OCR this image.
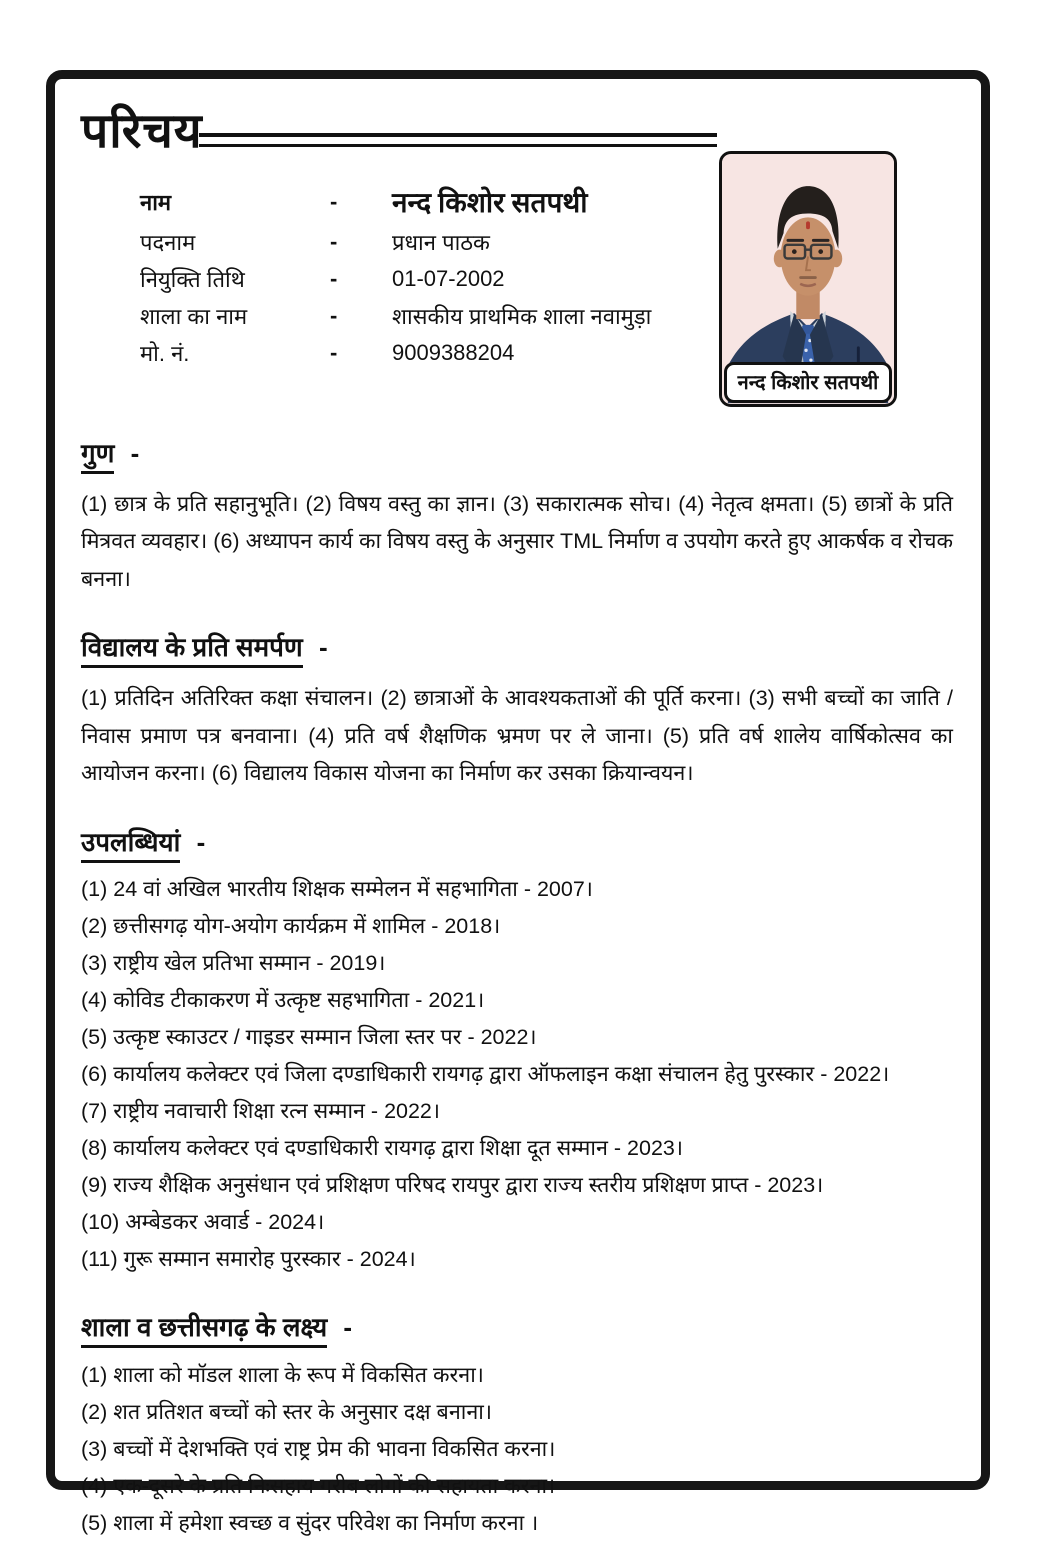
परिचय
नाम	-	नन्द किशोर सतपथी
पदनाम	-	प्रधान पाठक
नियुक्ति तिथि	-	01-07-2002
शाला का नाम	-	शासकीय प्राथमिक शाला नवामुड़ा
मो. नं.	-	9009388204
नन्द किशोर सतपथी
गुण -

(1) छात्र के प्रति सहानुभूति। (2) विषय वस्तु का ज्ञान। (3) सकारात्मक सोच। (4) नेतृत्व क्षमता। (5) छात्रों के प्रति मित्रवत व्यवहार। (6) अध्यापन कार्य का विषय वस्तु के अनुसार TML निर्माण व उपयोग करते हुए आकर्षक व रोचक बनना।

विद्यालय के प्रति समर्पण -

(1) प्रतिदिन अतिरिक्त कक्षा संचालन। (2) छात्राओं के आवश्यकताओं की पूर्ति करना। (3) सभी बच्चों का जाति / निवास प्रमाण पत्र बनवाना। (4) प्रति वर्ष शैक्षणिक भ्रमण पर ले जाना। (5) प्रति वर्ष शालेय वार्षिकोत्सव का आयोजन करना। (6) विद्यालय विकास योजना का निर्माण कर उसका क्रियान्वयन।

उपलब्धियां -
(1) 24 वां अखिल भारतीय शिक्षक सम्मेलन में सहभागिता - 2007।
(2) छत्तीसगढ़ योग-अयोग कार्यक्रम में शामिल - 2018।
(3) राष्ट्रीय खेल प्रतिभा सम्मान - 2019।
(4) कोविड टीकाकरण में उत्कृष्ट सहभागिता - 2021।
(5) उत्कृष्ट स्काउटर / गाइडर सम्मान जिला स्तर पर - 2022।
(6) कार्यालय कलेक्टर एवं जिला दण्डाधिकारी रायगढ़ द्वारा ऑफलाइन कक्षा संचालन हेतु पुरस्कार - 2022।
(7) राष्ट्रीय नवाचारी शिक्षा रत्न सम्मान - 2022।
(8) कार्यालय कलेक्टर एवं दण्डाधिकारी रायगढ़ द्वारा शिक्षा दूत सम्मान - 2023।
(9) राज्य शैक्षिक अनुसंधान एवं प्रशिक्षण परिषद रायपुर द्वारा राज्य स्तरीय प्रशिक्षण प्राप्त - 2023।
(10) अम्बेडकर अवार्ड - 2024।
(11) गुरू सम्मान समारोह पुरस्कार - 2024।
शाला व छत्तीसगढ़ के लक्ष्य -
(1) शाला को मॉडल शाला के रूप में विकसित करना।
(2) शत प्रतिशत बच्चों को स्तर के अनुसार दक्ष बनाना।
(3) बच्चों में देशभक्ति एवं राष्ट्र प्रेम की भावना विकसित करना।
(4) एक-दूसरे के प्रति निःसहाय गरीब लोगों की सहायता करना।
(5) शाला में हमेशा स्वच्छ व सुंदर परिवेश का निर्माण करना ।
